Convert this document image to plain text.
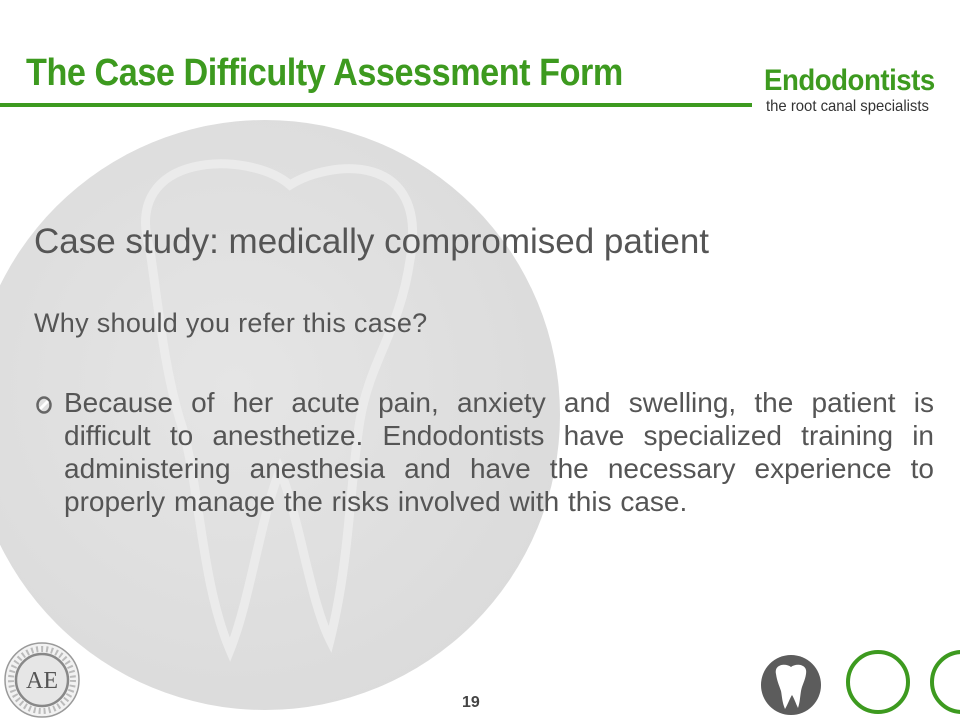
The Case Difficulty Assessment Form	Endodontists
the root canal specialists
Case study: medically compromised patient
Why should you refer this case?
Because of her acute pain, anxiety and swelling, the patient is difficult to anesthetize. Endodontists have specialized training in administering anesthesia and have the necessary experience to properly manage the risks involved with this case.
AE
19
